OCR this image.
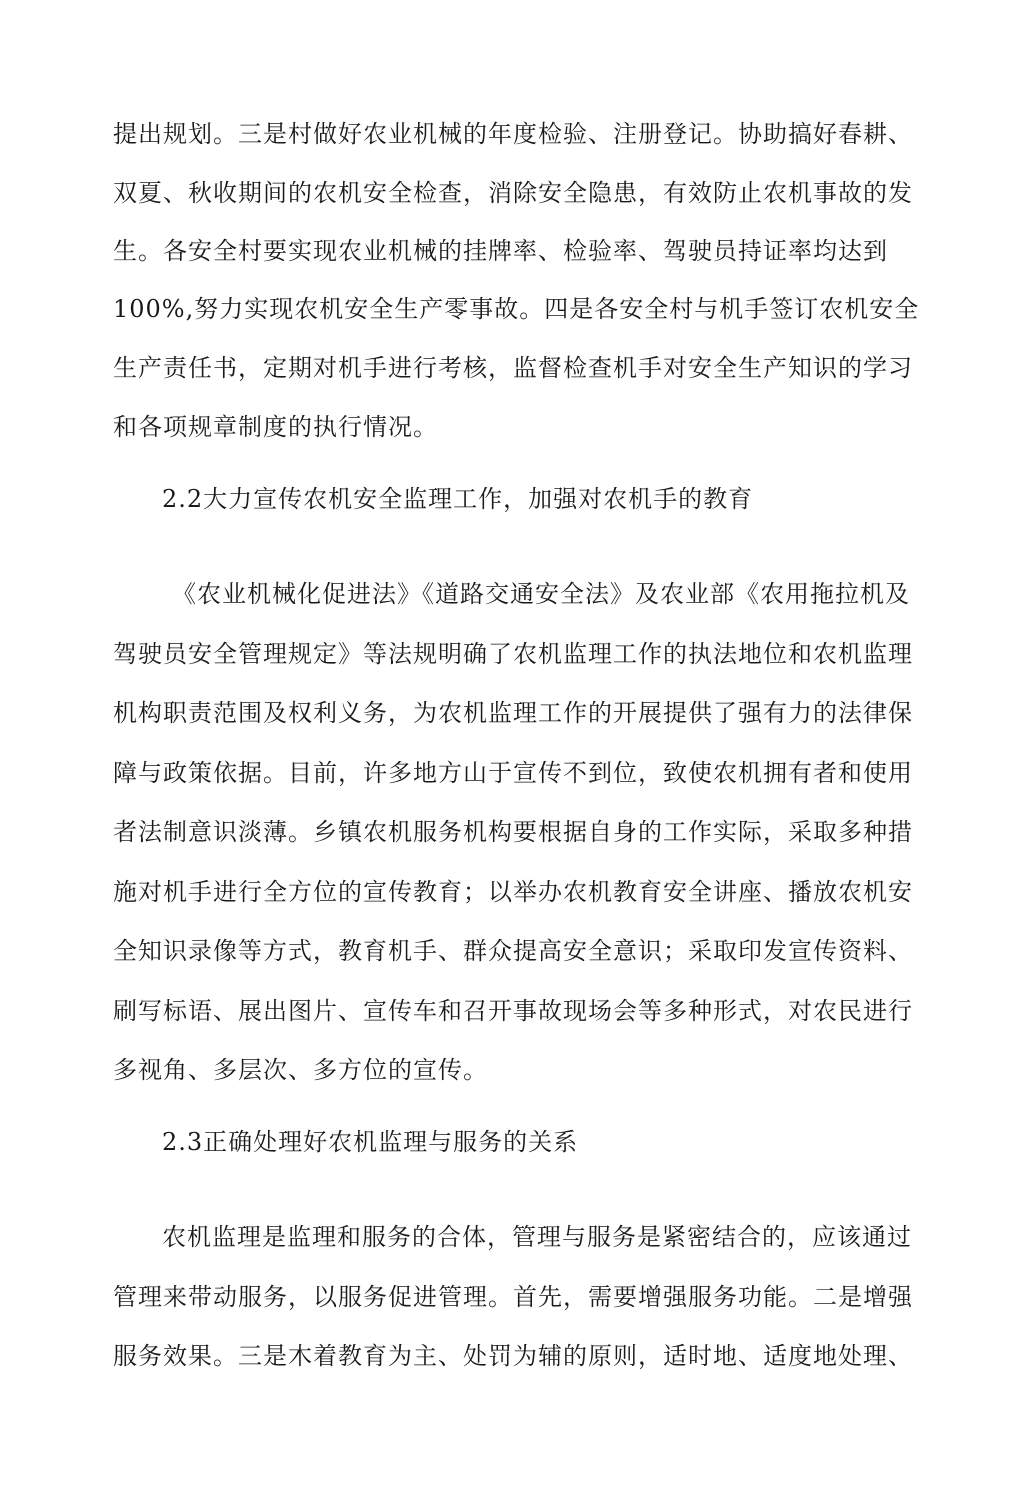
提出规划。三是村做好农业机械的年度检验、注册登记。协助搞好春耕、
双夏、秋收期间的农机安全检查，消除安全隐患，有效防止农机事故的发
生。各安全村要实现农业机械的挂牌率、检验率、驾驶员持证率均达到
100%,努力实现农机安全生产零事故。四是各安全村与机手签订农机安全
生产责任书，定期对机手进行考核，监督检查机手对安全生产知识的学习
和各项规章制度的执行情况。
2.2大力宣传农机安全监理工作，加强对农机手的教育
《农业机械化促进法》《道路交通安全法》及农业部《农用拖拉机及
驾驶员安全管理规定》等法规明确了农机监理工作的执法地位和农机监理
机构职责范围及权利义务，为农机监理工作的开展提供了强有力的法律保
障与政策依据。目前，许多地方山于宣传不到位，致使农机拥有者和使用
者法制意识淡薄。乡镇农机服务机构要根据自身的工作实际，采取多种措
施对机手进行全方位的宣传教育；以举办农机教育安全讲座、播放农机安
全知识录像等方式，教育机手、群众提高安全意识；采取印发宣传资料、
刷写标语、展出图片、宣传车和召开事故现场会等多种形式，对农民进行
多视角、多层次、多方位的宣传。
2.3正确处理好农机监理与服务的关系
农机监理是监理和服务的合体，管理与服务是紧密结合的，应该通过
管理来带动服务，以服务促进管理。首先，需要增强服务功能。二是增强
服务效果。三是木着教育为主、处罚为辅的原则，适时地、适度地处理、
